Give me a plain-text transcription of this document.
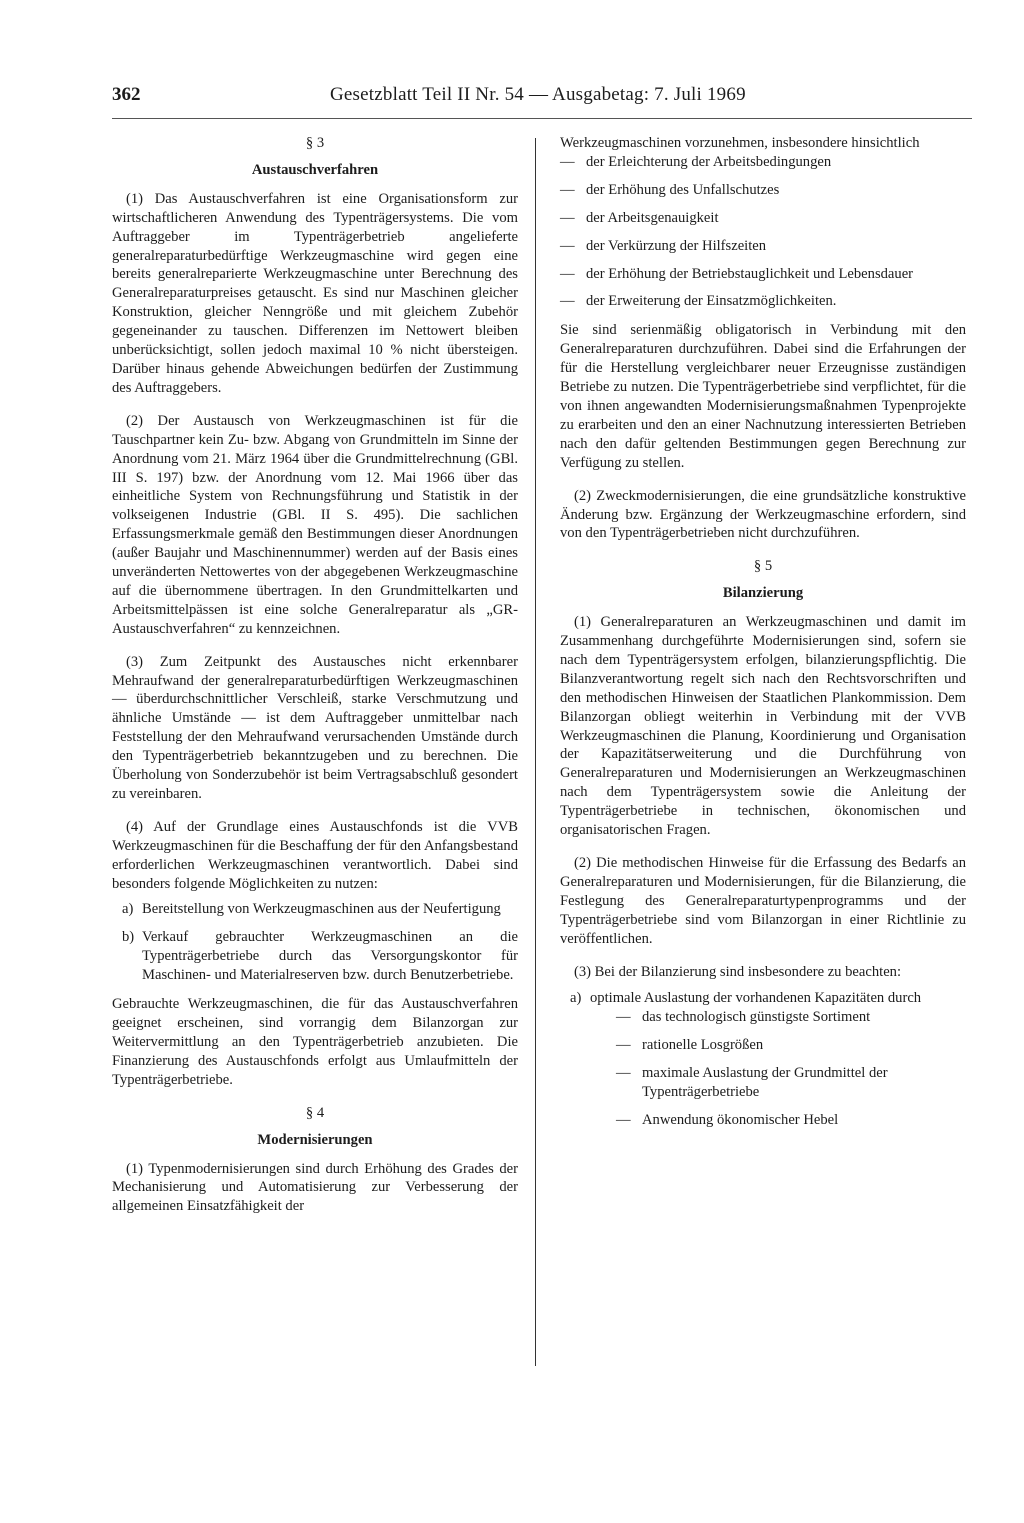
362	Gesetzblatt Teil II Nr. 54 — Ausgabetag: 7. Juli 1969

§ 3

Austauschverfahren

(1) Das Austauschverfahren ist eine Organisationsform zur wirtschaftlicheren Anwendung des Typenträgersystems. Die vom Auftraggeber im Typenträgerbetrieb angelieferte generalreparaturbedürftige Werkzeugmaschine wird gegen eine bereits generalreparierte Werkzeugmaschine unter Berechnung des Generalreparaturpreises getauscht. Es sind nur Maschinen gleicher Konstruktion, gleicher Nenngröße und mit gleichem Zubehör gegeneinander zu tauschen. Differenzen im Nettowert bleiben unberücksichtigt, sollen jedoch maximal 10 % nicht übersteigen. Darüber hinaus gehende Abweichungen bedürfen der Zustimmung des Auftraggebers.

(2) Der Austausch von Werkzeugmaschinen ist für die Tauschpartner kein Zu- bzw. Abgang von Grundmitteln im Sinne der Anordnung vom 21. März 1964 über die Grundmittelrechnung (GBl. III S. 197) bzw. der Anordnung vom 12. Mai 1966 über das einheitliche System von Rechnungsführung und Statistik in der volkseigenen Industrie (GBl. II S. 495). Die sachlichen Erfassungsmerkmale gemäß den Bestimmungen dieser Anordnungen (außer Baujahr und Maschinennummer) werden auf der Basis eines unveränderten Nettowertes von der abgegebenen Werkzeugmaschine auf die übernommene übertragen. In den Grundmittelkarten und Arbeitsmittelpässen ist eine solche Generalreparatur als „GR-Austauschverfahren“ zu kennzeichnen.

(3) Zum Zeitpunkt des Austausches nicht erkennbarer Mehraufwand der generalreparaturbedürftigen Werkzeugmaschinen — überdurchschnittlicher Verschleiß, starke Verschmutzung und ähnliche Umstände — ist dem Auftraggeber unmittelbar nach Feststellung der den Mehraufwand verursachenden Umstände durch den Typenträgerbetrieb bekanntzugeben und zu berechnen. Die Überholung von Sonderzubehör ist beim Vertragsabschluß gesondert zu vereinbaren.

(4) Auf der Grundlage eines Austauschfonds ist die VVB Werkzeugmaschinen für die Beschaffung der für den Anfangsbestand erforderlichen Werkzeugmaschinen verantwortlich. Dabei sind besonders folgende Möglichkeiten zu nutzen:

a) Bereitstellung von Werkzeugmaschinen aus der Neufertigung
b) Verkauf gebrauchter Werkzeugmaschinen an die Typenträgerbetriebe durch das Versorgungskontor für Maschinen- und Materialreserven bzw. durch Benutzerbetriebe.

Gebrauchte Werkzeugmaschinen, die für das Austauschverfahren geeignet erscheinen, sind vorrangig dem Bilanzorgan zur Weitervermittlung an den Typenträgerbetrieb anzubieten. Die Finanzierung des Austauschfonds erfolgt aus Umlaufmitteln der Typenträgerbetriebe.

§ 4

Modernisierungen

(1) Typenmodernisierungen sind durch Erhöhung des Grades der Mechanisierung und Automatisierung zur Verbesserung der allgemeinen Einsatzfähigkeit der

Werkzeugmaschinen vorzunehmen, insbesondere hinsichtlich

— der Erleichterung der Arbeitsbedingungen
— der Erhöhung des Unfallschutzes
— der Arbeitsgenauigkeit
— der Verkürzung der Hilfszeiten
— der Erhöhung der Betriebstauglichkeit und Lebensdauer
— der Erweiterung der Einsatzmöglichkeiten.

Sie sind serienmäßig obligatorisch in Verbindung mit den Generalreparaturen durchzuführen. Dabei sind die Erfahrungen der für die Herstellung vergleichbarer neuer Erzeugnisse zuständigen Betriebe zu nutzen. Die Typenträgerbetriebe sind verpflichtet, für die von ihnen angewandten Modernisierungsmaßnahmen Typenprojekte zu erarbeiten und den an einer Nachnutzung interessierten Betrieben nach den dafür geltenden Bestimmungen gegen Berechnung zur Verfügung zu stellen.

(2) Zweckmodernisierungen, die eine grundsätzliche konstruktive Änderung bzw. Ergänzung der Werkzeugmaschine erfordern, sind von den Typenträgerbetrieben nicht durchzuführen.

§ 5

Bilanzierung

(1) Generalreparaturen an Werkzeugmaschinen und damit im Zusammenhang durchgeführte Modernisierungen sind, sofern sie nach dem Typenträgersystem erfolgen, bilanzierungspflichtig. Die Bilanzverantwortung regelt sich nach den Rechtsvorschriften und den methodischen Hinweisen der Staatlichen Plankommission. Dem Bilanzorgan obliegt weiterhin in Verbindung mit der VVB Werkzeugmaschinen die Planung, Koordinierung und Organisation der Kapazitätserweiterung und die Durchführung von Generalreparaturen und Modernisierungen an Werkzeugmaschinen nach dem Typenträgersystem sowie die Anleitung der Typenträgerbetriebe in technischen, ökonomischen und organisatorischen Fragen.

(2) Die methodischen Hinweise für die Erfassung des Bedarfs an Generalreparaturen und Modernisierungen, für die Bilanzierung, die Festlegung des Generalreparaturtypenprogramms und der Typenträgerbetriebe sind vom Bilanzorgan in einer Richtlinie zu veröffentlichen.

(3) Bei der Bilanzierung sind insbesondere zu beachten:

a) optimale Auslastung der vorhandenen Kapazitäten durch
— das technologisch günstigste Sortiment
— rationelle Losgrößen
— maximale Auslastung der Grundmittel der Typenträgerbetriebe
— Anwendung ökonomischer Hebel
